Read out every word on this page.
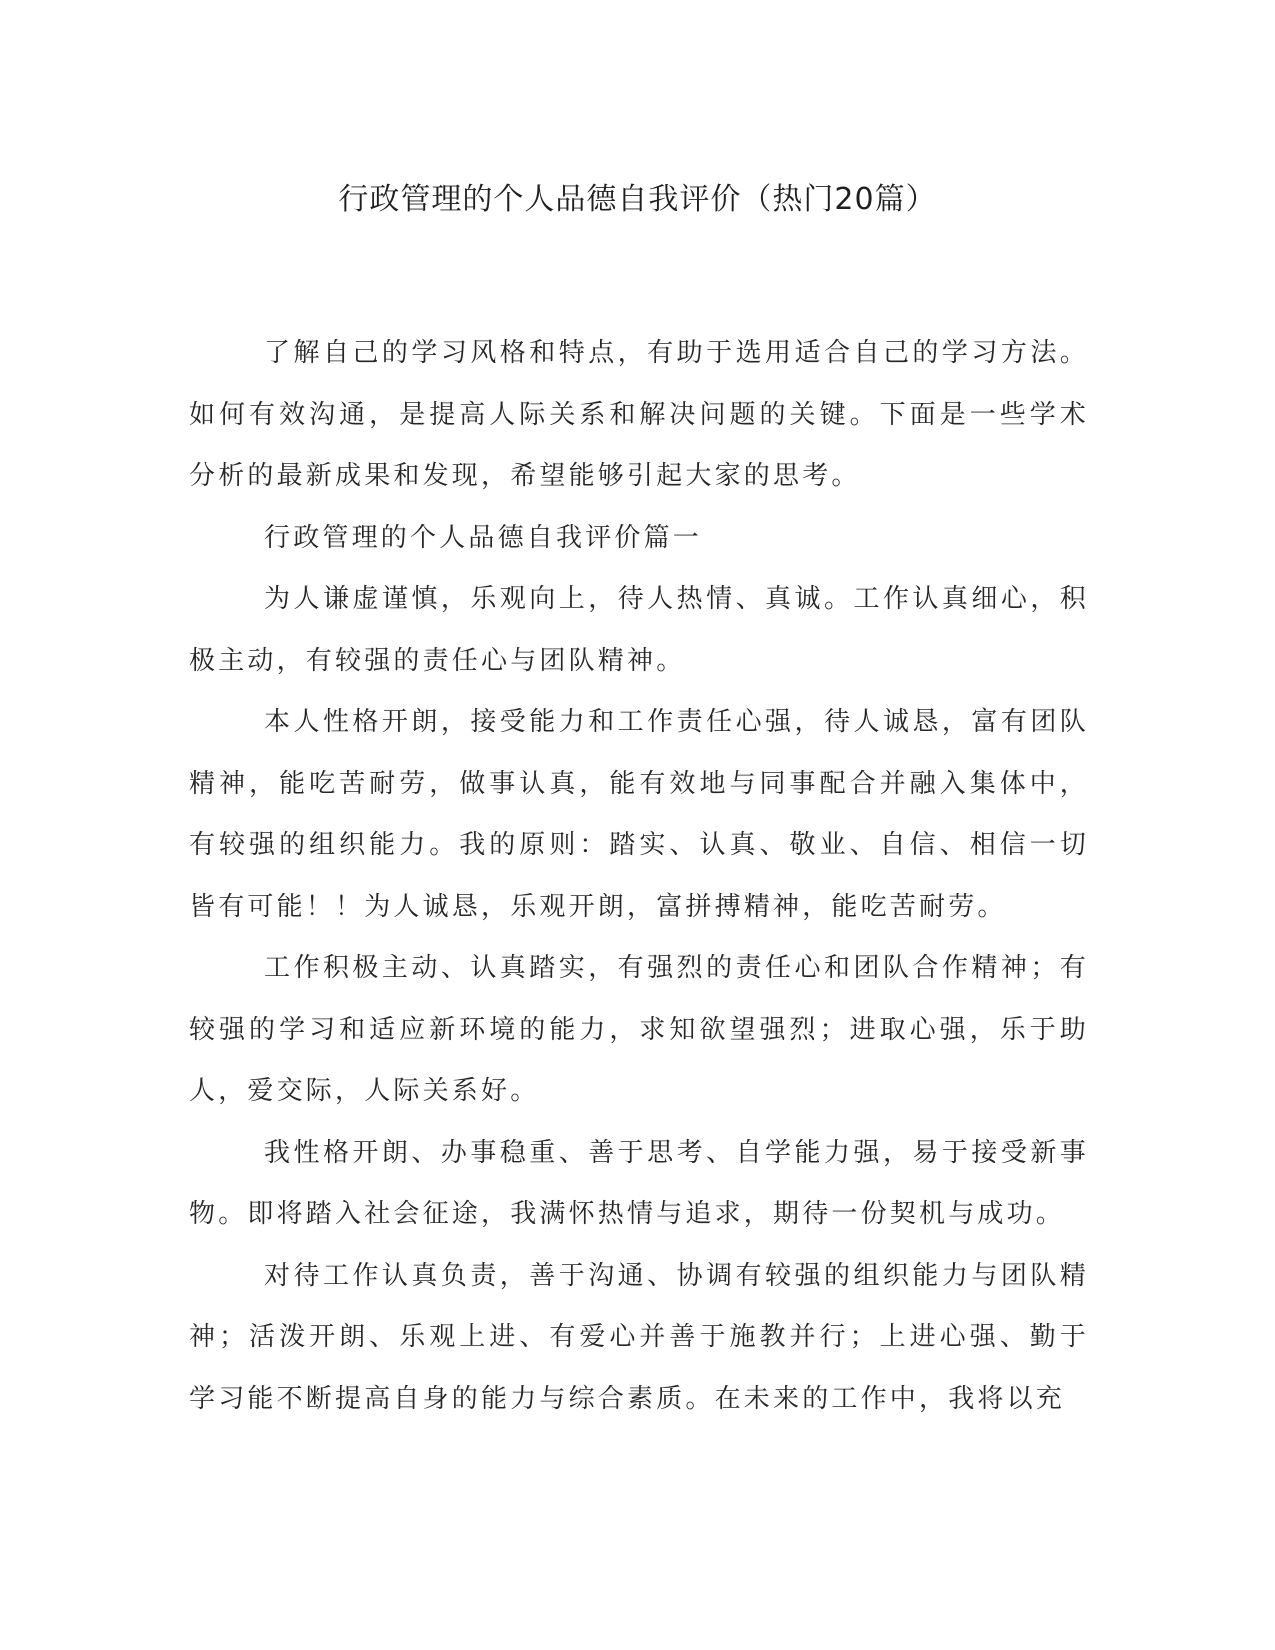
行政管理的个人品德自我评价（热门20篇）

了解自己的学习风格和特点，有助于选用适合自己的学习方法。如何有效沟通，是提高人际关系和解决问题的关键。下面是一些学术分析的最新成果和发现，希望能够引起大家的思考。

行政管理的个人品德自我评价篇一

为人谦虚谨慎，乐观向上，待人热情、真诚。工作认真细心，积极主动，有较强的责任心与团队精神。

本人性格开朗，接受能力和工作责任心强，待人诚恳，富有团队精神，能吃苦耐劳，做事认真，能有效地与同事配合并融入集体中，有较强的组织能力。我的原则：踏实、认真、敬业、自信、相信一切皆有可能！！为人诚恳，乐观开朗，富拼搏精神，能吃苦耐劳。

工作积极主动、认真踏实，有强烈的责任心和团队合作精神；有较强的学习和适应新环境的能力，求知欲望强烈；进取心强，乐于助人，爱交际，人际关系好。

我性格开朗、办事稳重、善于思考、自学能力强，易于接受新事物。即将踏入社会征途，我满怀热情与追求，期待一份契机与成功。

对待工作认真负责，善于沟通、协调有较强的组织能力与团队精神；活泼开朗、乐观上进、有爱心并善于施教并行；上进心强、勤于学习能不断提高自身的能力与综合素质。在未来的工作中，我将以充
